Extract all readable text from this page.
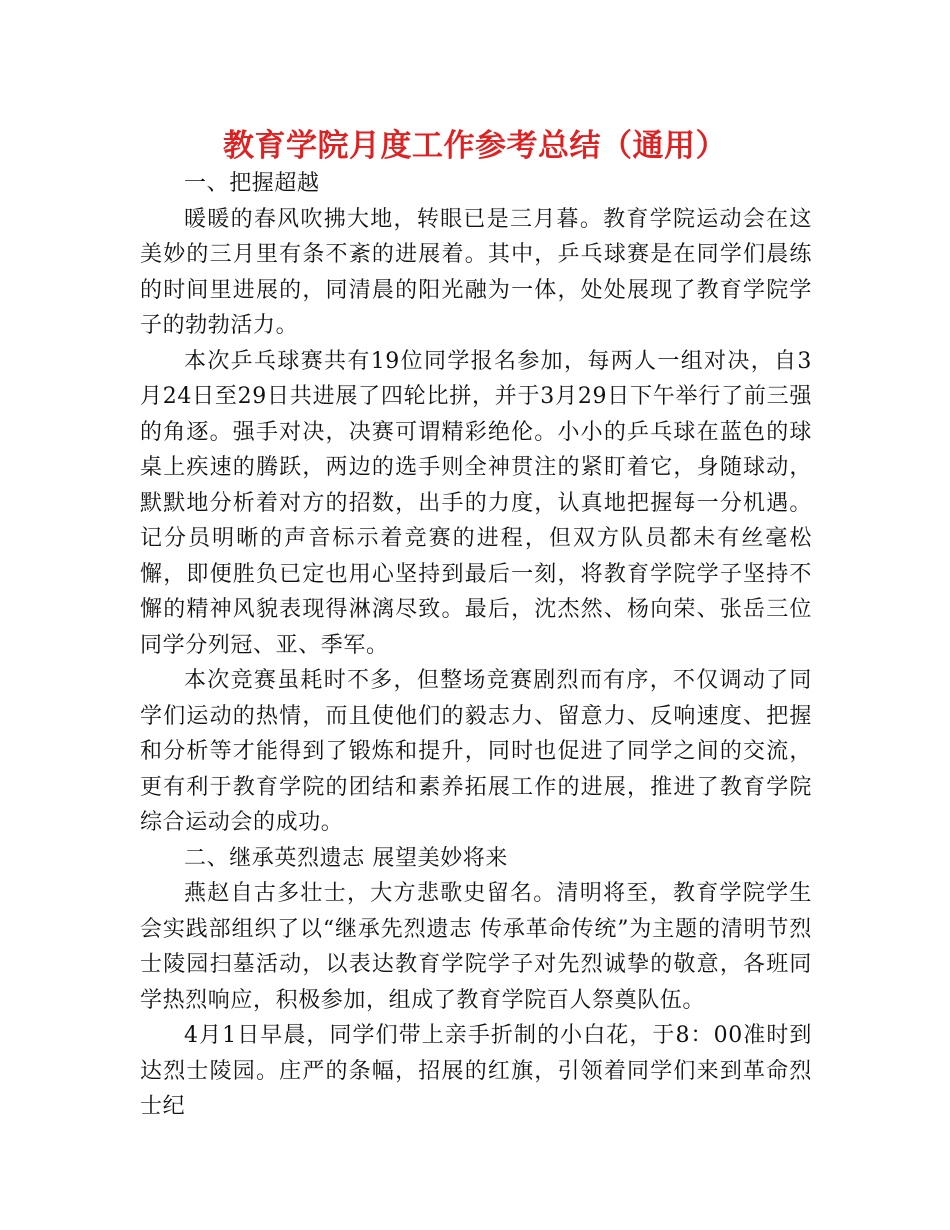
教育学院月度工作参考总结（通用）

一、把握超越

暖暖的春风吹拂大地，转眼已是三月暮。教育学院运动会在这美妙的三月里有条不紊的进展着。其中，乒乓球赛是在同学们晨练的时间里进展的，同清晨的阳光融为一体，处处展现了教育学院学子的勃勃活力。

本次乒乓球赛共有19位同学报名参加，每两人一组对决，自3月24日至29日共进展了四轮比拼，并于3月29日下午举行了前三强的角逐。强手对决，决赛可谓精彩绝伦。小小的乒乓球在蓝色的球桌上疾速的腾跃，两边的选手则全神贯注的紧盯着它，身随球动，默默地分析着对方的招数，出手的力度，认真地把握每一分机遇。记分员明晰的声音标示着竞赛的进程，但双方队员都未有丝毫松懈，即便胜负已定也用心坚持到最后一刻，将教育学院学子坚持不懈的精神风貌表现得淋漓尽致。最后，沈杰然、杨向荣、张岳三位同学分列冠、亚、季军。

本次竞赛虽耗时不多，但整场竞赛剧烈而有序，不仅调动了同学们运动的热情，而且使他们的毅志力、留意力、反响速度、把握和分析等才能得到了锻炼和提升，同时也促进了同学之间的交流，更有利于教育学院的团结和素养拓展工作的进展，推进了教育学院综合运动会的成功。

二、继承英烈遗志 展望美妙将来

燕赵自古多壮士，大方悲歌史留名。清明将至，教育学院学生会实践部组织了以“继承先烈遗志 传承革命传统”为主题的清明节烈士陵园扫墓活动，以表达教育学院学子对先烈诚挚的敬意，各班同学热烈响应，积极参加，组成了教育学院百人祭奠队伍。

4月1日早晨，同学们带上亲手折制的小白花，于8：00准时到达烈士陵园。庄严的条幅，招展的红旗，引领着同学们来到革命烈士纪
